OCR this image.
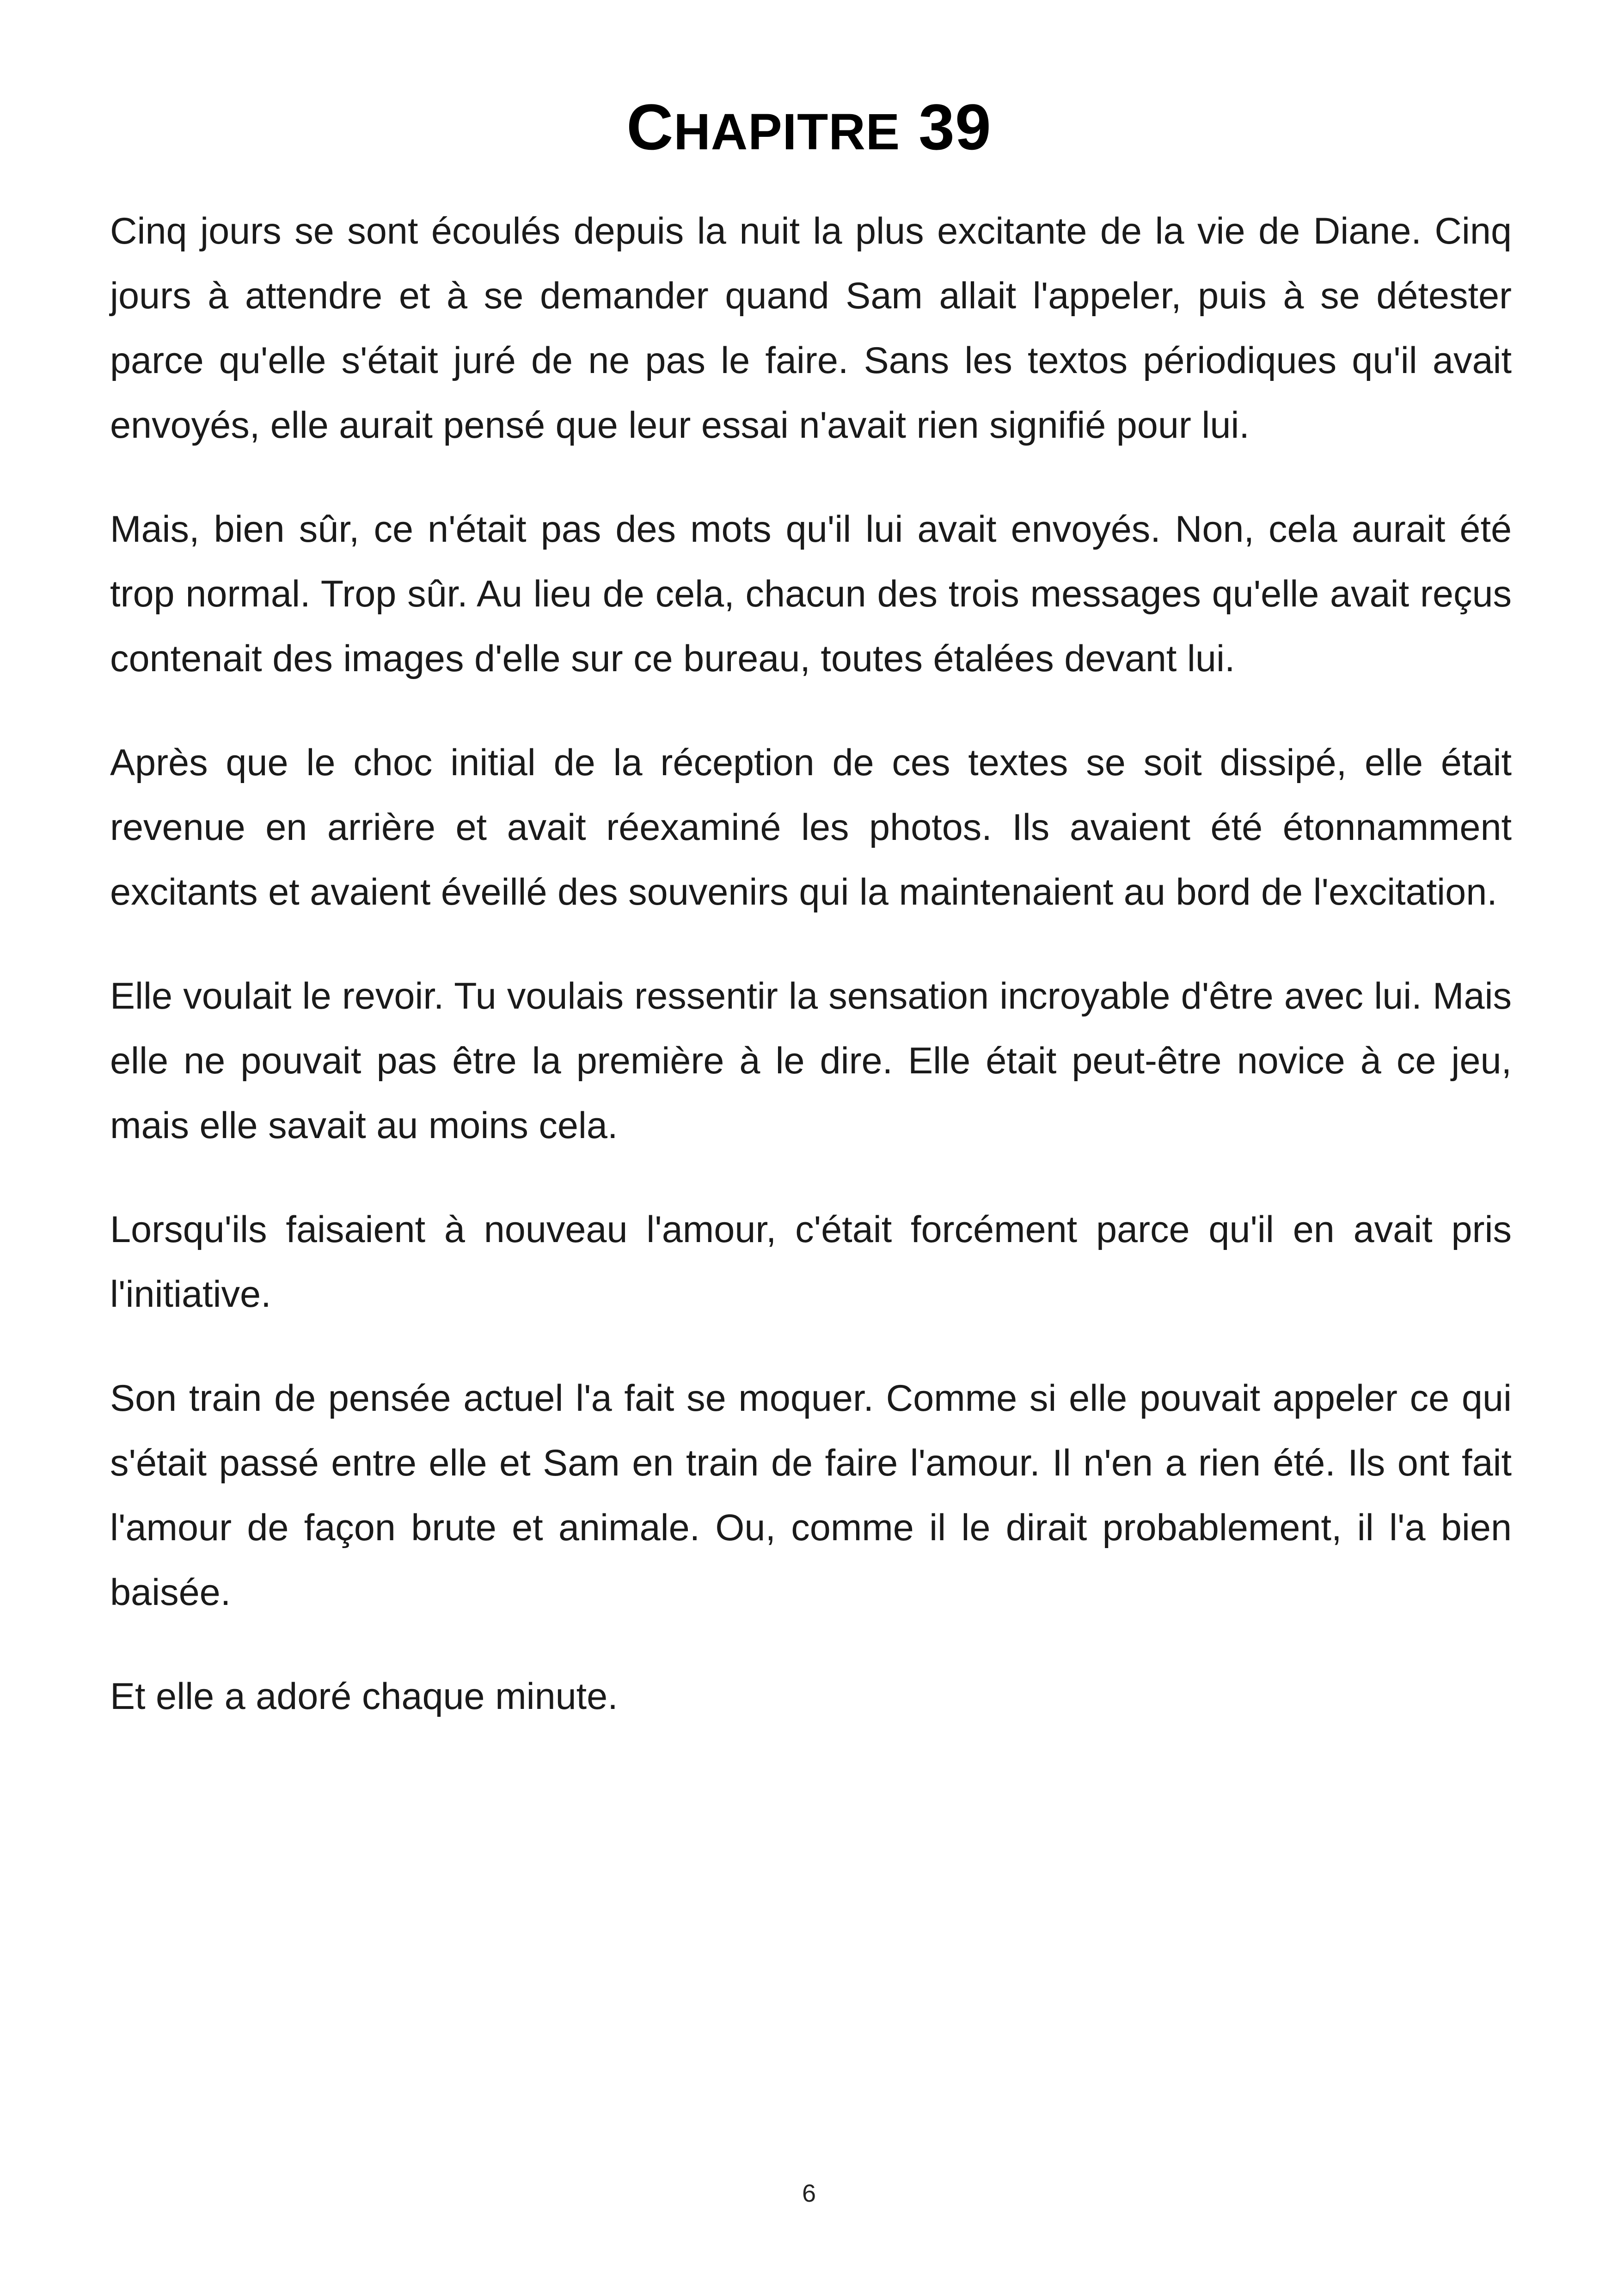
CHAPITRE 39

Cinq jours se sont écoulés depuis la nuit la plus excitante de la vie de Diane. Cinq jours à attendre et à se demander quand Sam allait l'appeler, puis à se détester parce qu'elle s'était juré de ne pas le faire. Sans les textos périodiques qu'il avait envoyés, elle aurait pensé que leur essai n'avait rien signifié pour lui.

Mais, bien sûr, ce n'était pas des mots qu'il lui avait envoyés. Non, cela aurait été trop normal. Trop sûr. Au lieu de cela, chacun des trois messages qu'elle avait reçus contenait des images d'elle sur ce bureau, toutes étalées devant lui.

Après que le choc initial de la réception de ces textes se soit dissipé, elle était revenue en arrière et avait réexaminé les photos. Ils avaient été étonnamment excitants et avaient éveillé des souvenirs qui la maintenaient au bord de l'excitation.

Elle voulait le revoir. Tu voulais ressentir la sensation incroyable d'être avec lui. Mais elle ne pouvait pas être la première à le dire. Elle était peut-être novice à ce jeu, mais elle savait au moins cela.

Lorsqu'ils faisaient à nouveau l'amour, c'était forcément parce qu'il en avait pris l'initiative.

Son train de pensée actuel l'a fait se moquer. Comme si elle pouvait appeler ce qui s'était passé entre elle et Sam en train de faire l'amour. Il n'en a rien été. Ils ont fait l'amour de façon brute et animale. Ou, comme il le dirait probablement, il l'a bien baisée.

Et elle a adoré chaque minute.

6
